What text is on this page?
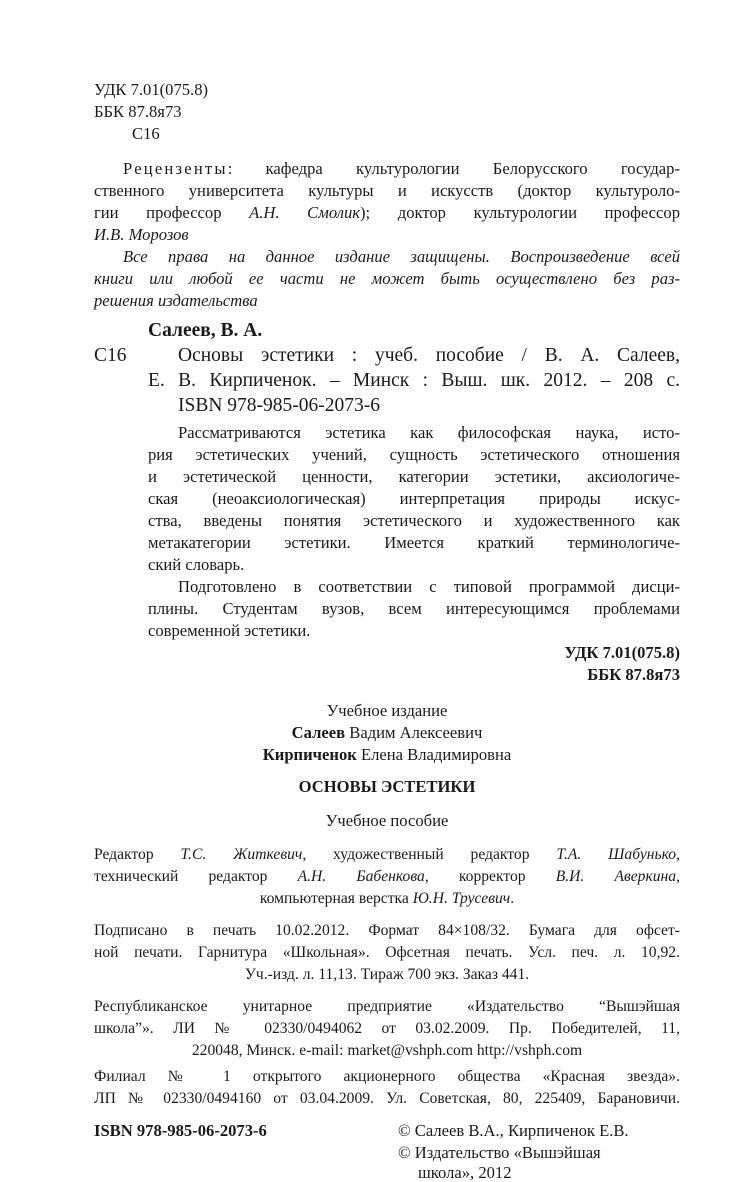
УДК 7.01(075.8)
ББК 87.8я73
С16
Рецензенты: кафедра культурологии Белорусского государ-
ственного университета культуры и искусств (доктор культуроло-
гии профессор А.Н. Смолик); доктор культурологии профессор
И.В. Морозов
Все права на данное издание защищены. Воспроизведение всей
книги или любой ее части не может быть осуществлено без раз-
решения издательства
Салеев, В. А.
С16	Основы эстетики : учеб. пособие / В. А. Салеев,
Е. В. Кирпиченок. – Минск : Выш. шк. 2012. – 208 с.
ISBN 978-985-06-2073-6
Рассматриваются эстетика как философская наука, исто-
рия эстетических учений, сущность эстетического отношения
и эстетической ценности, категории эстетики, аксиологиче-
ская (неоаксиологическая) интерпретация природы искус-
ства, введены понятия эстетического и художественного как
метакатегории эстетики. Имеется краткий терминологиче-
ский словарь.
Подготовлено в соответствии с типовой программой дисци-
плины. Студентам вузов, всем интересующимся проблемами
современной эстетики.
УДК 7.01(075.8)
ББК 87.8я73
Учебное издание
Салеев Вадим Алексеевич
Кирпиченок Елена Владимировна
ОСНОВЫ ЭСТЕТИКИ
Учебное пособие
Редактор Т.С. Житкевич, художественный редактор Т.А. Шабунько,
технический редактор А.Н. Бабенкова, корректор В.И. Аверкина,
компьютерная верстка Ю.Н. Трусевич.
Подписано в печать 10.02.2012. Формат 84×108/32. Бумага для офсет-
ной печати. Гарнитура «Школьная». Офсетная печать. Усл. печ. л. 10,92.
Уч.-изд. л. 11,13. Тираж 700 экз. Заказ 441.
Республиканское унитарное предприятие «Издательство “Вышэйшая
школа”». ЛИ № 02330/0494062 от 03.02.2009. Пр. Победителей, 11,
220048, Минск. e-mail: market@vshph.com http://vshph.com
Филиал № 1 открытого акционерного общества «Красная звезда».
ЛП № 02330/0494160 от 03.04.2009. Ул. Советская, 80, 225409, Барановичи.
ISBN 978-985-06-2073-6	© Салеев В.А., Кирпиченок Е.В.
© Издательство «Вышэйшая
школа», 2012
